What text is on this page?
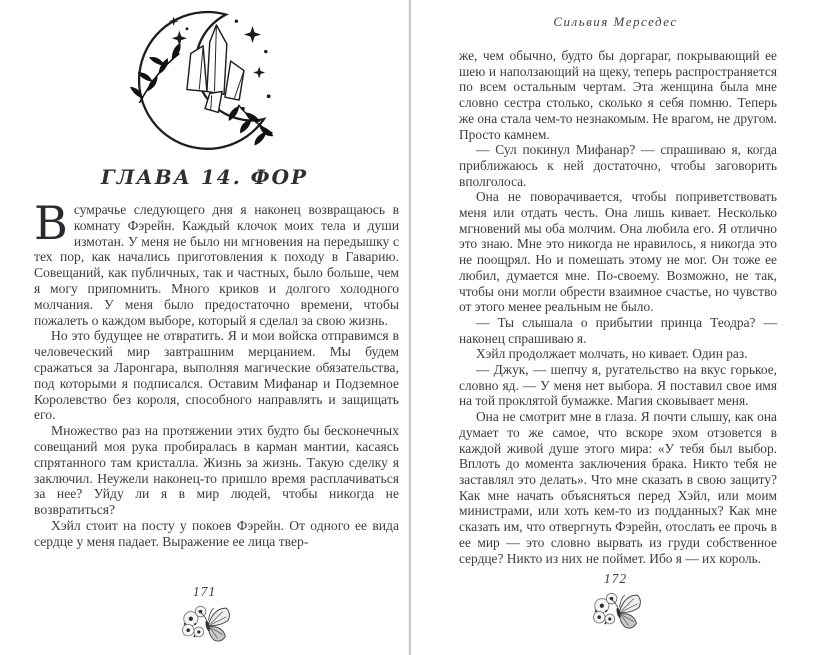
ГЛАВА 14. ФОР

Всумрачье следующего дня я наконец возвращаюсь в комнату Фэрейн. Каждый клочок моих тела и души измотан. У меня не было ни мгновения на передышку с тех пор, как начались приготовления к походу в Гаварию. Совещаний, как публичных, так и частных, было больше, чем я могу припомнить. Много криков и долгого холодного молчания. У меня было предостаточно времени, чтобы пожалеть о каждом выборе, который я сделал за свою жизнь.

Но это будущее не отвратить. Я и мои войска отправимся в человеческий мир завтрашним мерцанием. Мы будем сражаться за Ларонгара, выполняя магические обязательства, под которыми я подписался. Оставим Мифанар и Подземное Королевство без короля, способного направлять и защищать его.

Множество раз на протяжении этих будто бы бесконечных совещаний моя рука пробиралась в карман мантии, касаясь спрятанного там кристалла. Жизнь за жизнь. Такую сделку я заключил. Неужели наконец-то пришло время расплачиваться за нее? Уйду ли я в мир людей, чтобы никогда не возвратиться?

Хэйл стоит на посту у покоев Фэрейн. От одного ее вида сердце у меня падает. Выражение ее лица твер-

171
Сильвия Мерседес

же, чем обычно, будто бы доргараг, покрывающий ее шею и наползающий на щеку, теперь распространяется по всем остальным чертам. Эта женщина была мне словно сестра столько, сколько я себя помню. Теперь же она стала чем-то незнакомым. Не врагом, не другом. Просто камнем.

— Сул покинул Мифанар? — спрашиваю я, когда приближаюсь к ней достаточно, чтобы заговорить вполголоса.

Она не поворачивается, чтобы поприветствовать меня или отдать честь. Она лишь кивает. Несколько мгновений мы оба молчим. Она любила его. Я отлично это знаю. Мне это никогда не нравилось, я никогда это не поощрял. Но и помешать этому не мог. Он тоже ее любил, думается мне. По-своему. Возможно, не так, чтобы они могли обрести взаимное счастье, но чувство от этого менее реальным не было.

— Ты слышала о прибытии принца Теодра? — наконец спрашиваю я.

Хэйл продолжает молчать, но кивает. Один раз.

— Джук, — шепчу я, ругательство на вкус горькое, словно яд. — У меня нет выбора. Я поставил свое имя на той проклятой бумажке. Магия сковывает меня.

Она не смотрит мне в глаза. Я почти слышу, как она думает то же самое, что вскоре эхом отзовется в каждой живой душе этого мира: «У тебя был выбор. Вплоть до момента заключения брака. Никто тебя не заставлял это делать». Что мне сказать в свою защиту? Как мне начать объясняться перед Хэйл, или моим министрами, или хоть кем-то из подданных? Как мне сказать им, что отвергнуть Фэрейн, отослать ее прочь в ее мир — это словно вырвать из груди собственное сердце? Никто из них не поймет. Ибо я — их король.

172
